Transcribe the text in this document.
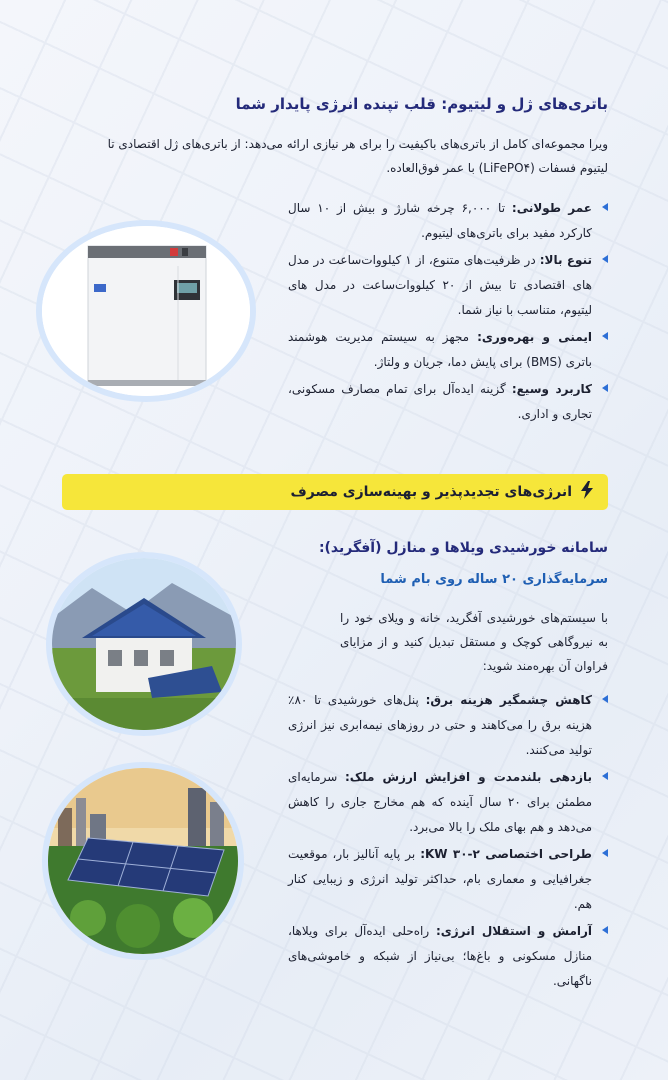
باتری‌های ژل و لیتیوم: قلب تپنده انرژی پایدار شما
ویرا مجموعه‌ای کامل از باتری‌های باکیفیت را برای هر نیازی ارائه می‌دهد: از باتری‌های ژل اقتصادی تا
لیتیوم فسفات (LiFePO۴) با عمر فوق‌العاده.
عمر طولانی: تا ۶,۰۰۰ چرخه شارژ و بیش از ۱۰ سال کارکرد مفید برای باتری‌های لیتیوم.
تنوع بالا: در ظرفیت‌های متنوع، از ۱ کیلووات‌ساعت در مدل های اقتصادی تا بیش از ۲۰ کیلووات‌ساعت در مدل های لیتیوم، متناسب با نیاز شما.
ایمنی و بهره‌وری: مجهز به سیستم مدیریت هوشمند باتری (BMS) برای پایش دما، جریان و ولتاژ.
کاربرد وسیع: گزینه ایده‌آل برای تمام مصارف مسکونی، تجاری و اداری.
انرژی‌های تجدیدپذیر و بهینه‌سازی مصرف
سامانه خورشیدی ویلاها و منازل (آفگرید):
سرمایه‌گذاری ۲۰ ساله روی بام شما
با سیستم‌های خورشیدی آفگرید، خانه و ویلای خود را به نیروگاهی کوچک و مستقل تبدیل کنید و از مزایای فراوان آن بهره‌مند شوید:
کاهش چشمگیر هزینه برق: پنل‌های خورشیدی تا ۸۰٪ هزینه برق را می‌کاهند و حتی در روزهای نیمه‌ابری نیز انرژی تولید می‌کنند.
بازدهی بلندمدت و افزایش ارزش ملک: سرمایه‌ای مطمئن برای ۲۰ سال آینده که هم مخارج جاری را کاهش می‌دهد و هم بهای ملک را بالا می‌برد.
طراحی اختصاصی KW ۳۰-۲: بر پایه آنالیز بار، موقعیت جغرافیایی و معماری بام، حداکثر تولید انرژی و زیبایی کنار هم.
آرامش و استقلال انرژی: راه‌حلی ایده‌آل برای ویلاها، منازل مسکونی و باغ‌ها؛ بی‌نیاز از شبکه و خاموشی‌های ناگهانی.
